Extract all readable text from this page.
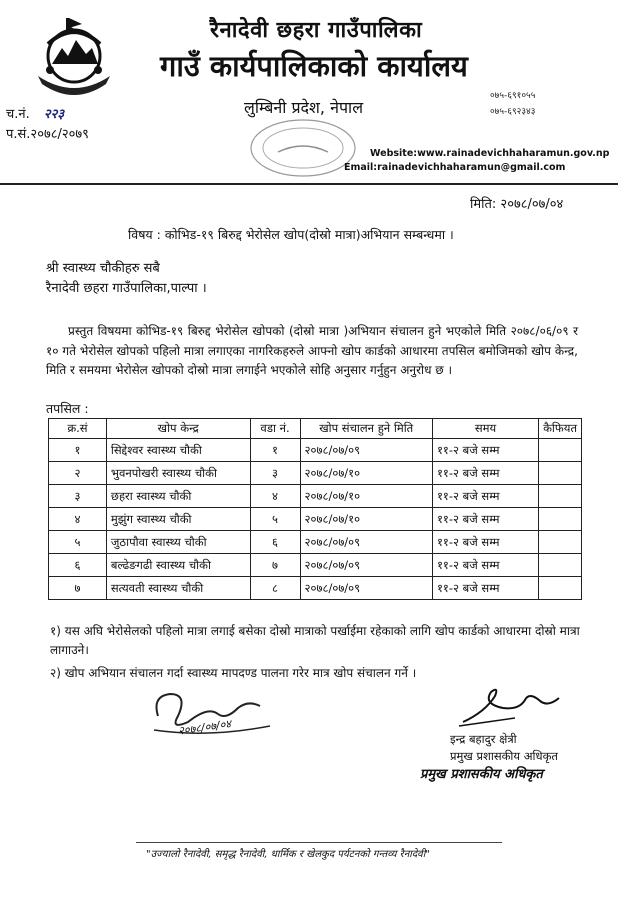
रैनादेवी छहरा गाउँपालिका
गाउँ कार्यपालिकाको कार्यालय
लुम्बिनी प्रदेश, नेपाल
०७५-६९१०५५
०७५-६९२३४३
च.नं. २२३
प.सं.२०७८/२०७९
Website:www.rainadevichhaharamun.gov.np
Email:rainadevichhaharamun@gmail.com
मिति: २०७८/०७/०४
विषय : कोभिड-१९ बिरुद्द भेरोसेल खोप(दोस्रो मात्रा)अभियान सम्बन्धमा ।
श्री स्वास्थ्य चौकीहरु सबै
रैनादेवी छहरा गाउँपालिका,पाल्पा ।
प्रस्तुत विषयमा कोभिड-१९ बिरुद्द भेरोसेल खोपको (दोस्रो मात्रा )अभियान संचालन हुने भएकोले मिति २०७८/०६/०९ र १० गते भेरोसेल खोपको पहिलो मात्रा लगाएका नागरिकहरुले आफ्नो खोप कार्डको आधारमा तपसिल बमोजिमको खोप केन्द्र, मिति र समयमा भेरोसेल खोपको दोस्रो मात्रा लगाईने भएकोले सोहि अनुसार गर्नुहुन अनुरोध छ ।
तपसिल :
क्र.सं	खोप केन्द्र	वडा नं.	खोप संचालन हुने मिति	समय	कैफियत
१	सिद्देश्वर स्वास्थ्य चौकी	१	२०७८/०७/०९	११-२ बजे सम्म	
२	भुवनपोखरी स्वास्थ्य चौकी	३	२०७८/०७/१०	११-२ बजे सम्म	
३	छहरा स्वास्थ्य चौकी	४	२०७८/०७/१०	११-२ बजे सम्म	
४	मुझुंग स्वास्थ्य चौकी	५	२०७८/०७/१०	११-२ बजे सम्म	
५	जुठापौवा स्वास्थ्य चौकी	६	२०७८/०७/०९	११-२ बजे सम्म	
६	बल्ढेङगढी स्वास्थ्य चौकी	७	२०७८/०७/०९	११-२ बजे सम्म	
७	सत्यवती स्वास्थ्य चौकी	८	२०७८/०७/०९	११-२ बजे सम्म	
१) यस अघि भेरोसेलको पहिलो मात्रा लगाई बसेका दोस्रो मात्राको पर्खाईमा रहेकाको लागि खोप कार्डको आधारमा दोस्रो मात्रा लागाउने।
२) खोप अभियान संचालन गर्दा स्वास्थ्य मापदण्ड पालना गरेर मात्र खोप संचालन गर्ने ।
२०७८/०७/०४
इन्द्र बहादुर क्षेत्री
प्रमुख प्रशासकीय अधिकृत
प्रमुख प्रशासकीय अधिकृत
"उज्यालो रैनादेवी, समृद्ध रैनादेवी, धार्मिक र खेलकुद पर्यटनको गन्तव्य रैनादेवी"
